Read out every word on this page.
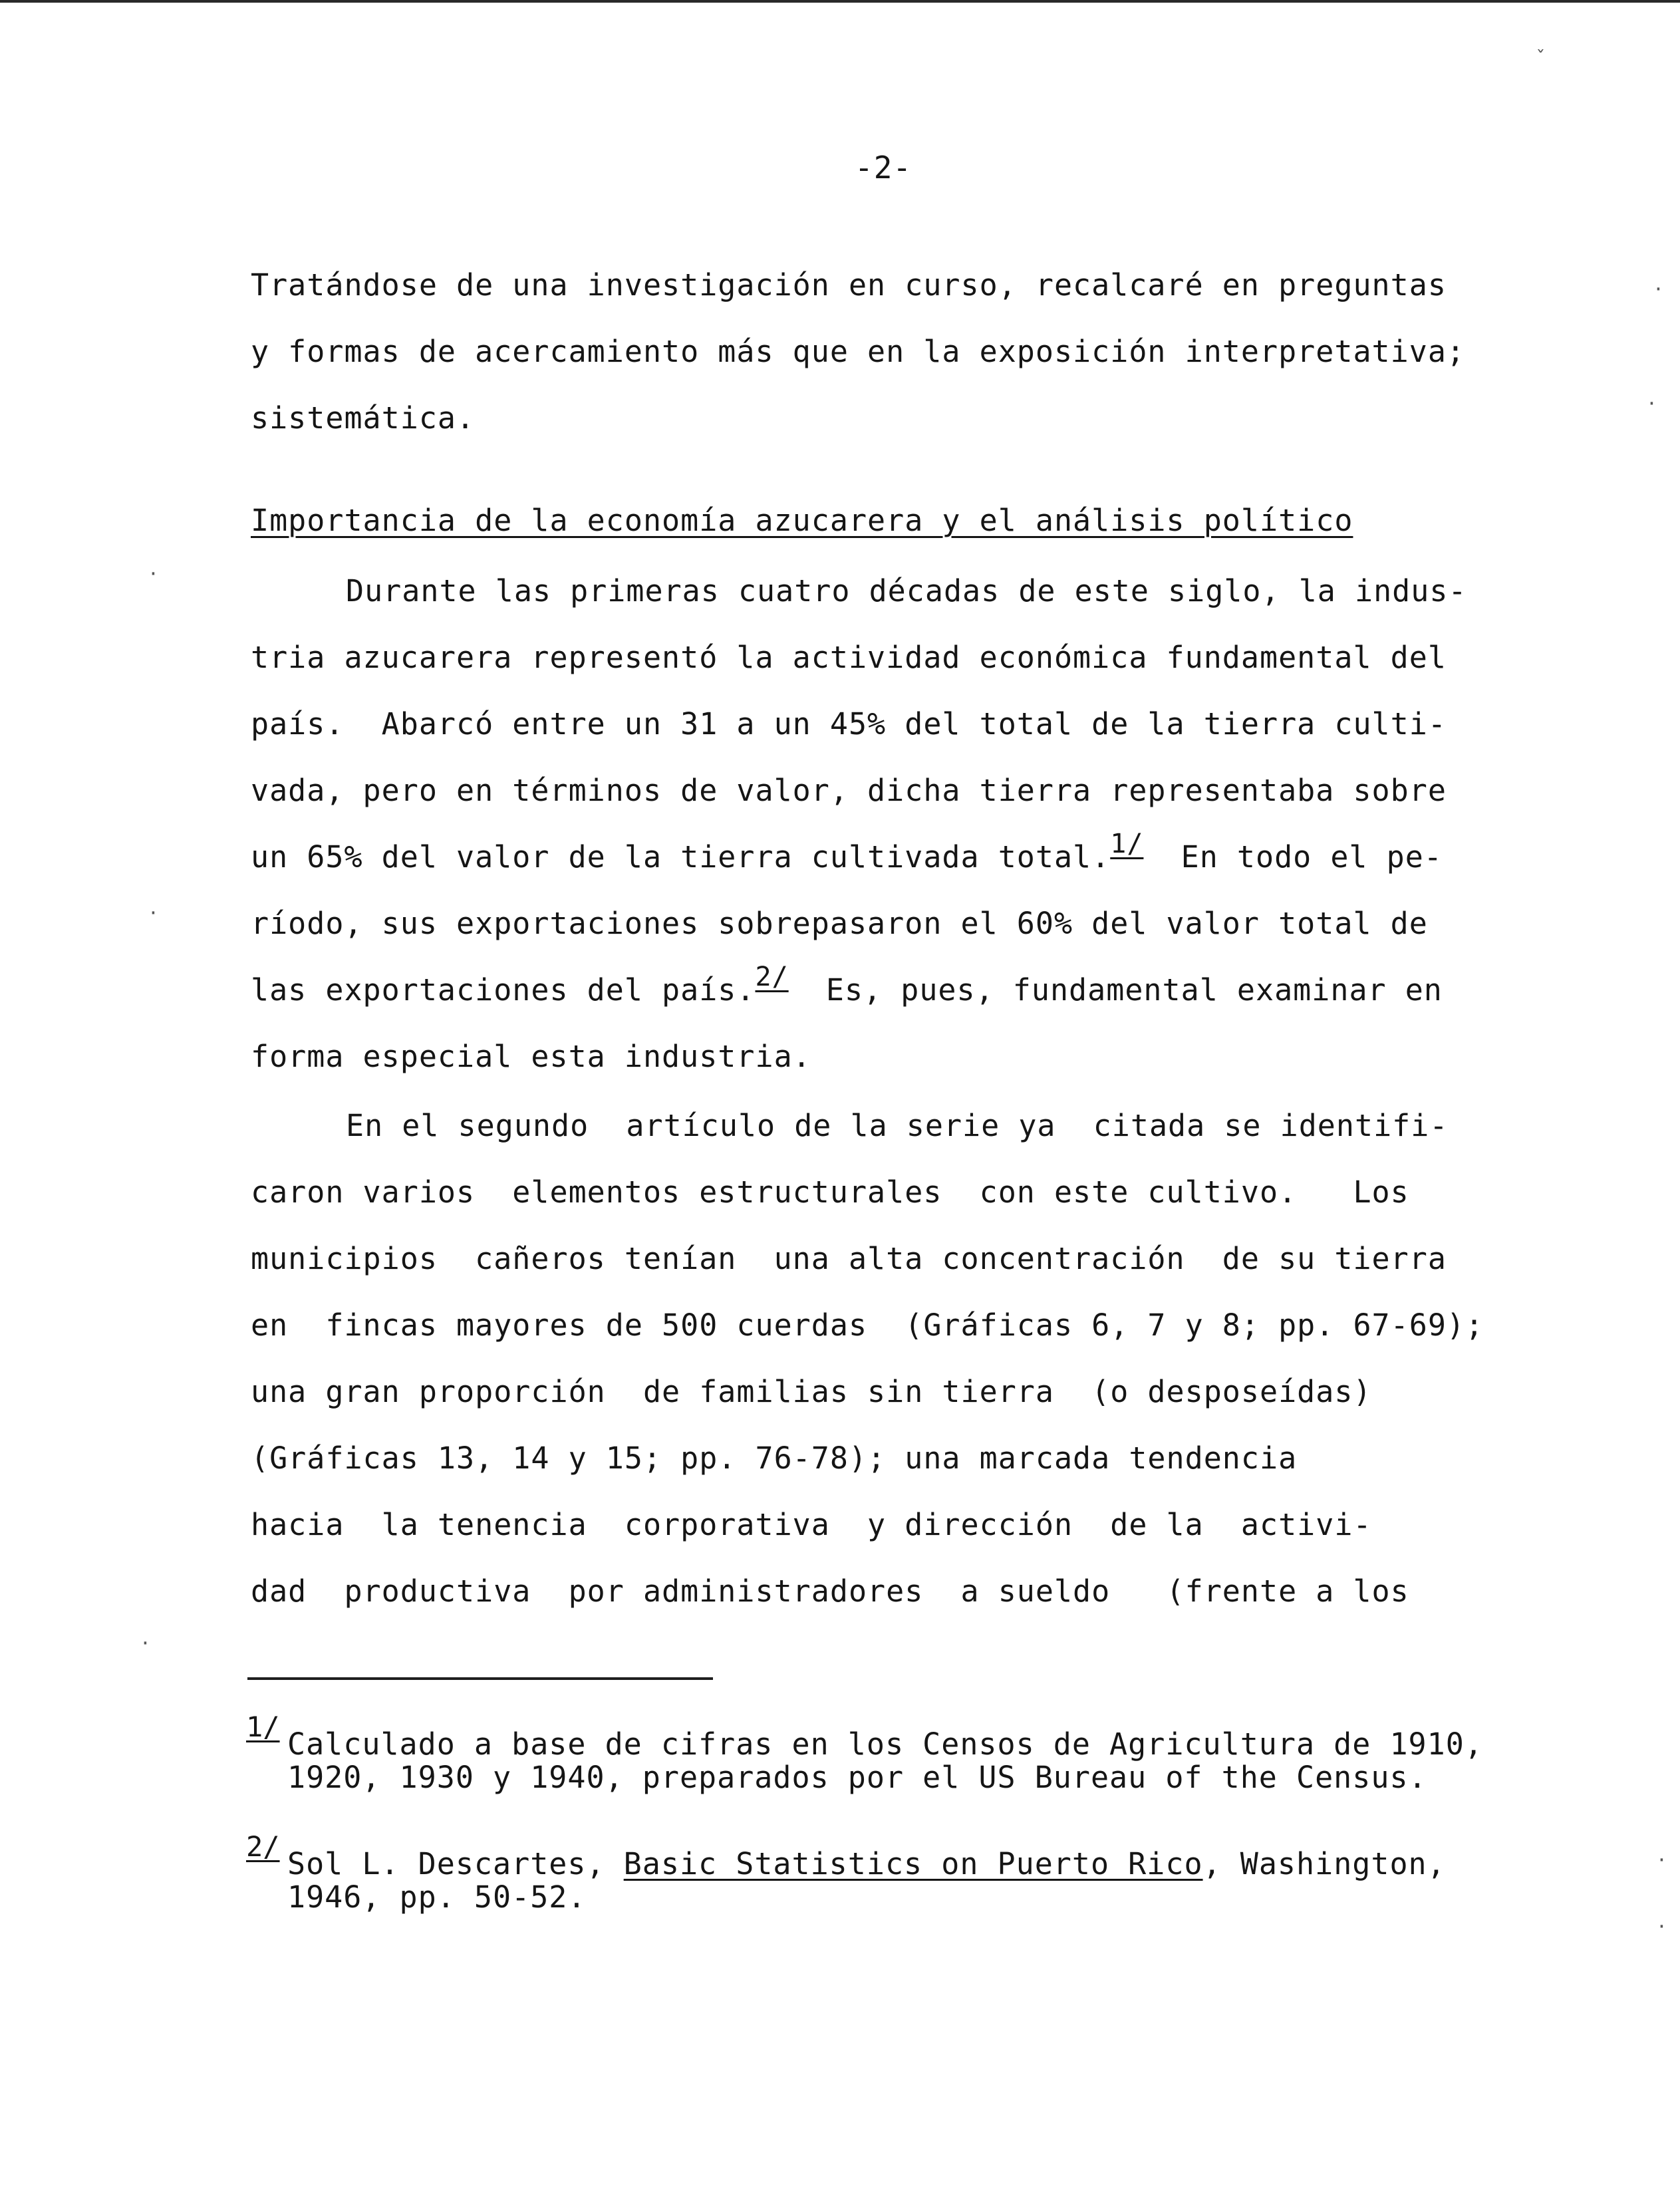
-2-
Tratándose de una investigación en curso, recalcaré en preguntas
y formas de acercamiento más que en la exposición interpretativa;
sistemática.
Importancia de la economía azucarera y el análisis político
Durante las primeras cuatro décadas de este siglo, la indus-
tria azucarera representó la actividad económica fundamental del
país.  Abarcó entre un 31 a un 45% del total de la tierra culti-
vada, pero en términos de valor, dicha tierra representaba sobre
un 65% del valor de la tierra cultivada total.1/  En todo el pe-
ríodo, sus exportaciones sobrepasaron el 60% del valor total de
las exportaciones del país.2/  Es, pues, fundamental examinar en
forma especial esta industria.
En el segundo  artículo de la serie ya  citada se identifi-
caron varios  elementos estructurales  con este cultivo.   Los
municipios  cañeros tenían  una alta concentración  de su tierra
en  fincas mayores de 500 cuerdas  (Gráficas 6, 7 y 8; pp. 67-69);
una gran proporción  de familias sin tierra  (o desposeídas)
(Gráficas 13, 14 y 15; pp. 76-78); una marcada tendencia
hacia  la tenencia  corporativa  y dirección  de la  activi-
dad  productiva  por administradores  a sueldo   (frente a los
1/ Calculado a base de cifras en los Censos de Agricultura de 1910,
1920, 1930 y 1940, preparados por el US Bureau of the Census.
2/ Sol L. Descartes, Basic Statistics on Puerto Rico, Washington,
1946, pp. 50-52.
ˇ
·
·
·
·
·
·
·
